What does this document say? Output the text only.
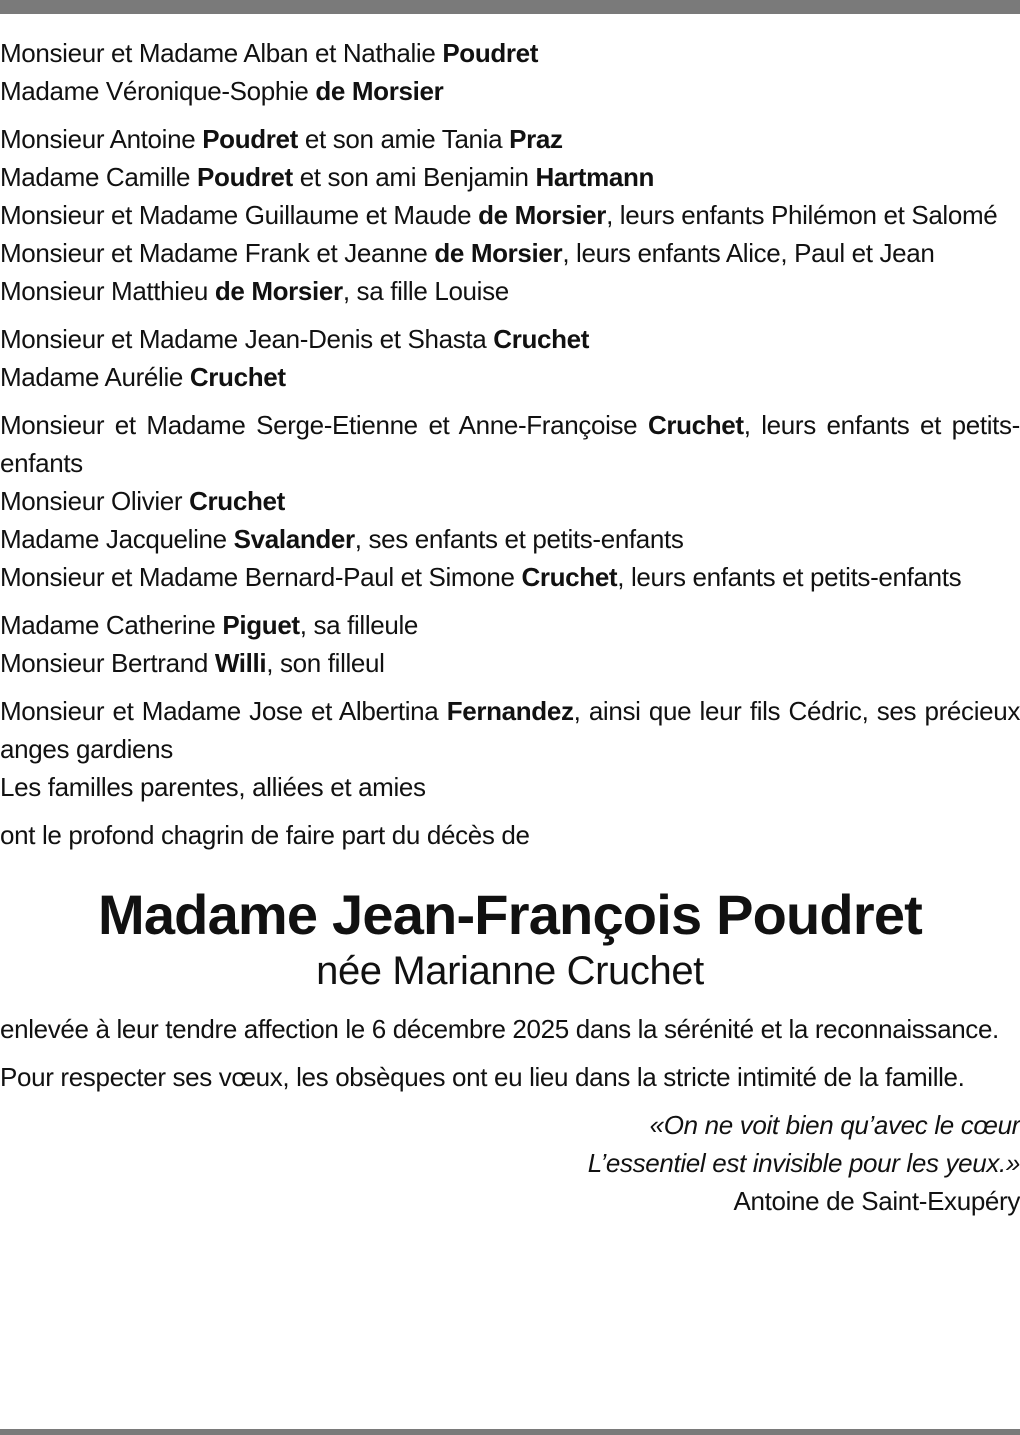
Monsieur et Madame Alban et Nathalie Poudret
Madame Véronique-Sophie de Morsier
Monsieur Antoine Poudret et son amie Tania Praz
Madame Camille Poudret et son ami Benjamin Hartmann
Monsieur et Madame Guillaume et Maude de Morsier, leurs enfants Philémon et Salomé
Monsieur et Madame Frank et Jeanne de Morsier, leurs enfants Alice, Paul et Jean
Monsieur Matthieu de Morsier, sa fille Louise
Monsieur et Madame Jean-Denis et Shasta Cruchet
Madame Aurélie Cruchet
Monsieur et Madame Serge-Etienne et Anne-Françoise Cruchet, leurs enfants et petits-enfants
Monsieur Olivier Cruchet
Madame Jacqueline Svalander, ses enfants et petits-enfants
Monsieur et Madame Bernard-Paul et Simone Cruchet, leurs enfants et petits-enfants
Madame Catherine Piguet, sa filleule
Monsieur Bertrand Willi, son filleul
Monsieur et Madame Jose et Albertina Fernandez, ainsi que leur fils Cédric, ses précieux anges gardiens
Les familles parentes, alliées et amies
ont le profond chagrin de faire part du décès de
Madame Jean-François Poudret
née Marianne Cruchet
enlevée à leur tendre affection le 6 décembre 2025 dans la sérénité et la reconnaissance.
Pour respecter ses vœux, les obsèques ont eu lieu dans la stricte intimité de la famille.
«On ne voit bien qu’avec le cœur
L’essentiel est invisible pour les yeux.»
Antoine de Saint-Exupéry
